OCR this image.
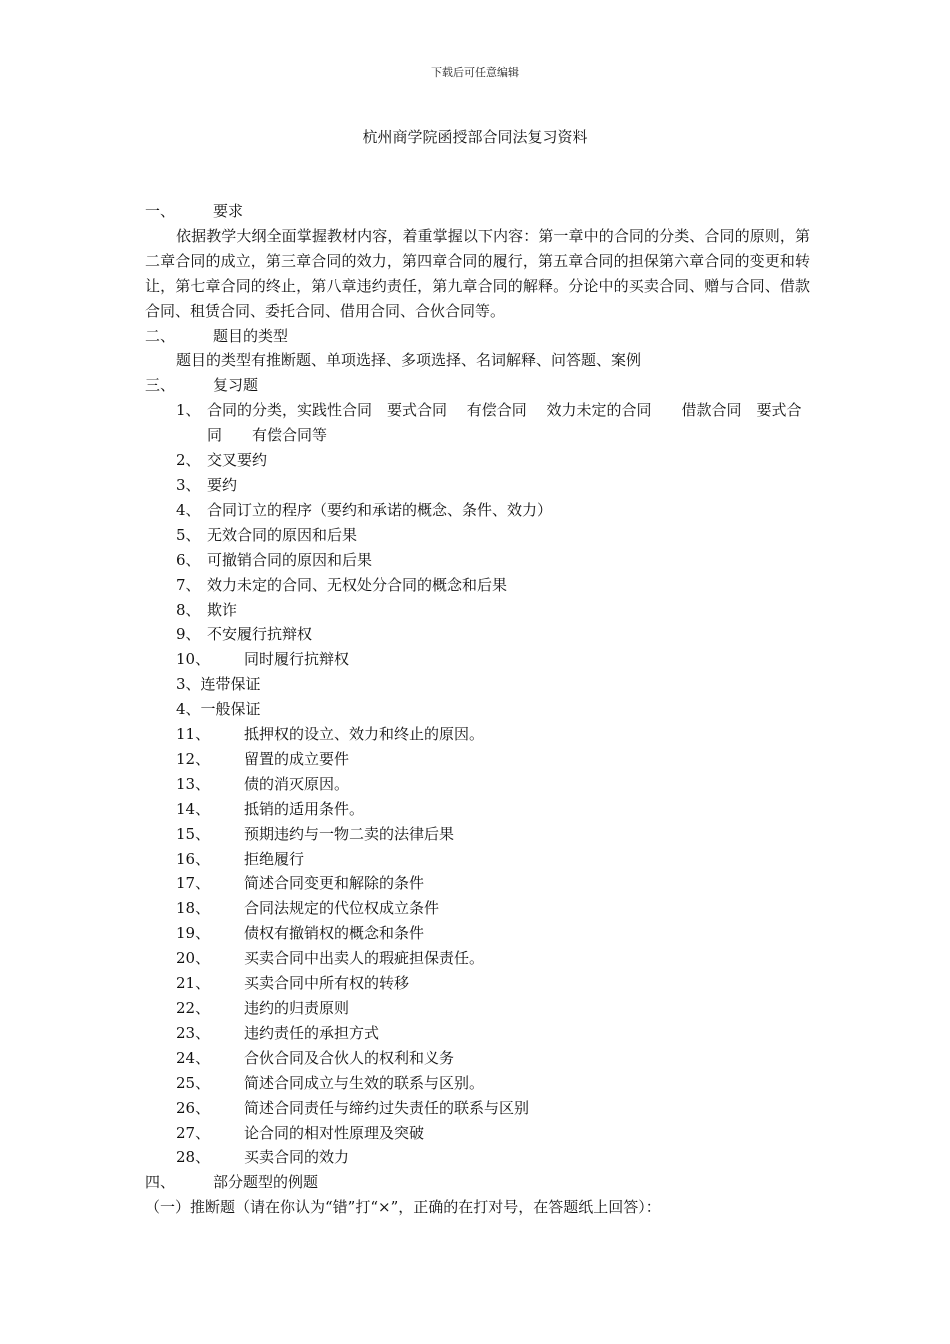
下载后可任意编辑
杭州商学院函授部合同法复习资料

一、	要求

依据教学大纲全面掌握教材内容，着重掌握以下内容：第一章中的合同的分类、合同的原则，第二章合同的成立，第三章合同的效力，第四章合同的履行，第五章合同的担保第六章合同的变更和转让，第七章合同的终止，第八章违约责任，第九章合同的解释。分论中的买卖合同、赠与合同、借款合同、租赁合同、委托合同、借用合同、合伙合同等。

二、	题目的类型

题目的类型有推断题、单项选择、多项选择、名词解释、问答题、案例

三、	复习题

1、 合同的分类，实践性合同　要式合同　 有偿合同　 效力未定的合同　　借款合同　要式合同　　有偿合同等

2、 交叉要约

3、 要约

4、 合同订立的程序（要约和承诺的概念、条件、效力）

5、 无效合同的原因和后果

6、 可撤销合同的原因和后果

7、 效力未定的合同、无权处分合同的概念和后果

8、 欺诈

9、 不安履行抗辩权

10、	同时履行抗辩权

3、连带保证

4、一般保证

11、	抵押权的设立、效力和终止的原因。

12、	留置的成立要件

13、	债的消灭原因。

14、	抵销的适用条件。

15、	预期违约与一物二卖的法律后果

16、	拒绝履行

17、	简述合同变更和解除的条件

18、	合同法规定的代位权成立条件

19、	债权有撤销权的概念和条件

20、	买卖合同中出卖人的瑕疵担保责任。

21、	买卖合同中所有权的转移

22、	违约的归责原则

23、	违约责任的承担方式

24、	合伙合同及合伙人的权利和义务

25、	简述合同成立与生效的联系与区别。

26、	简述合同责任与缔约过失责任的联系与区别

27、	论合同的相对性原理及突破

28、	买卖合同的效力

四、	部分题型的例题

（一）推断题（请在你认为“错”打“×”，正确的在打对号，在答题纸上回答）：
